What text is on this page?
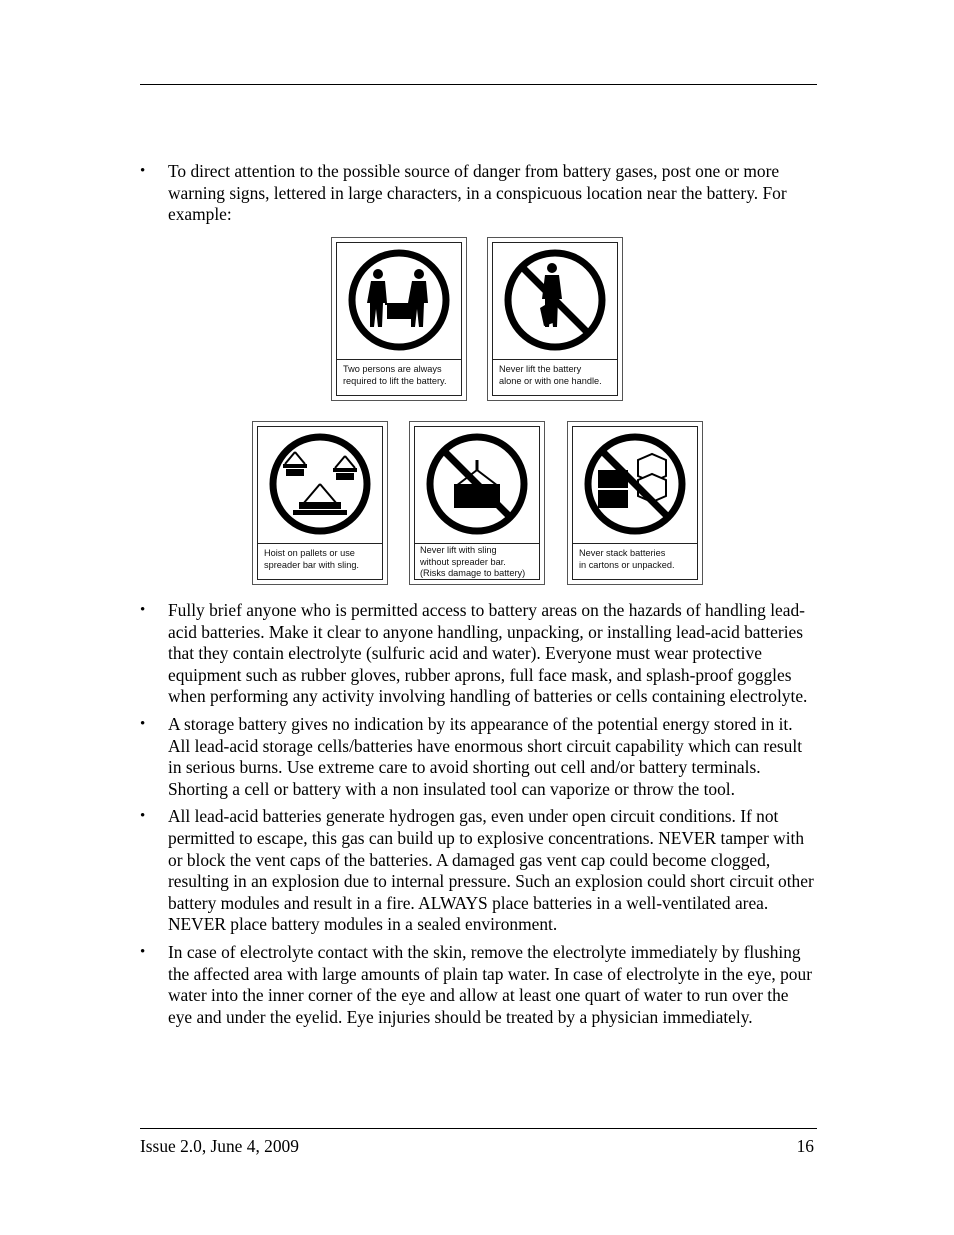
• To direct attention to the possible source of danger from battery gases, post one or more warning signs, lettered in large characters, in a conspicuous location near the battery. For example:
Two persons are always
required to lift the battery.
Never lift the battery
alone or with one handle.
Hoist on pallets or use
spreader bar with sling.
Never lift with sling
without spreader bar.
(Risks damage to battery)
Never stack batteries
in cartons or unpacked.
• Fully brief anyone who is permitted access to battery areas on the hazards of handling lead-acid batteries. Make it clear to anyone handling, unpacking, or installing lead-acid batteries that they contain electrolyte (sulfuric acid and water). Everyone must wear protective equipment such as rubber gloves, rubber aprons, full face mask, and splash-proof goggles when performing any activity involving handling of batteries or cells containing electrolyte.
• A storage battery gives no indication by its appearance of the potential energy stored in it. All lead-acid storage cells/batteries have enormous short circuit capability which can result in serious burns. Use extreme care to avoid shorting out cell and/or battery terminals. Shorting a cell or battery with a non insulated tool can vaporize or throw the tool.
• All lead-acid batteries generate hydrogen gas, even under open circuit conditions. If not permitted to escape, this gas can build up to explosive concentrations. NEVER tamper with or block the vent caps of the batteries. A damaged gas vent cap could become clogged, resulting in an explosion due to internal pressure. Such an explosion could short circuit other battery modules and result in a fire. ALWAYS place batteries in a well-ventilated area. NEVER place battery modules in a sealed environment.
• In case of electrolyte contact with the skin, remove the electrolyte immediately by flushing the affected area with large amounts of plain tap water. In case of electrolyte in the eye, pour water into the inner corner of the eye and allow at least one quart of water to run over the eye and under the eyelid. Eye injuries should be treated by a physician immediately.
Issue 2.0, June 4, 2009	16
